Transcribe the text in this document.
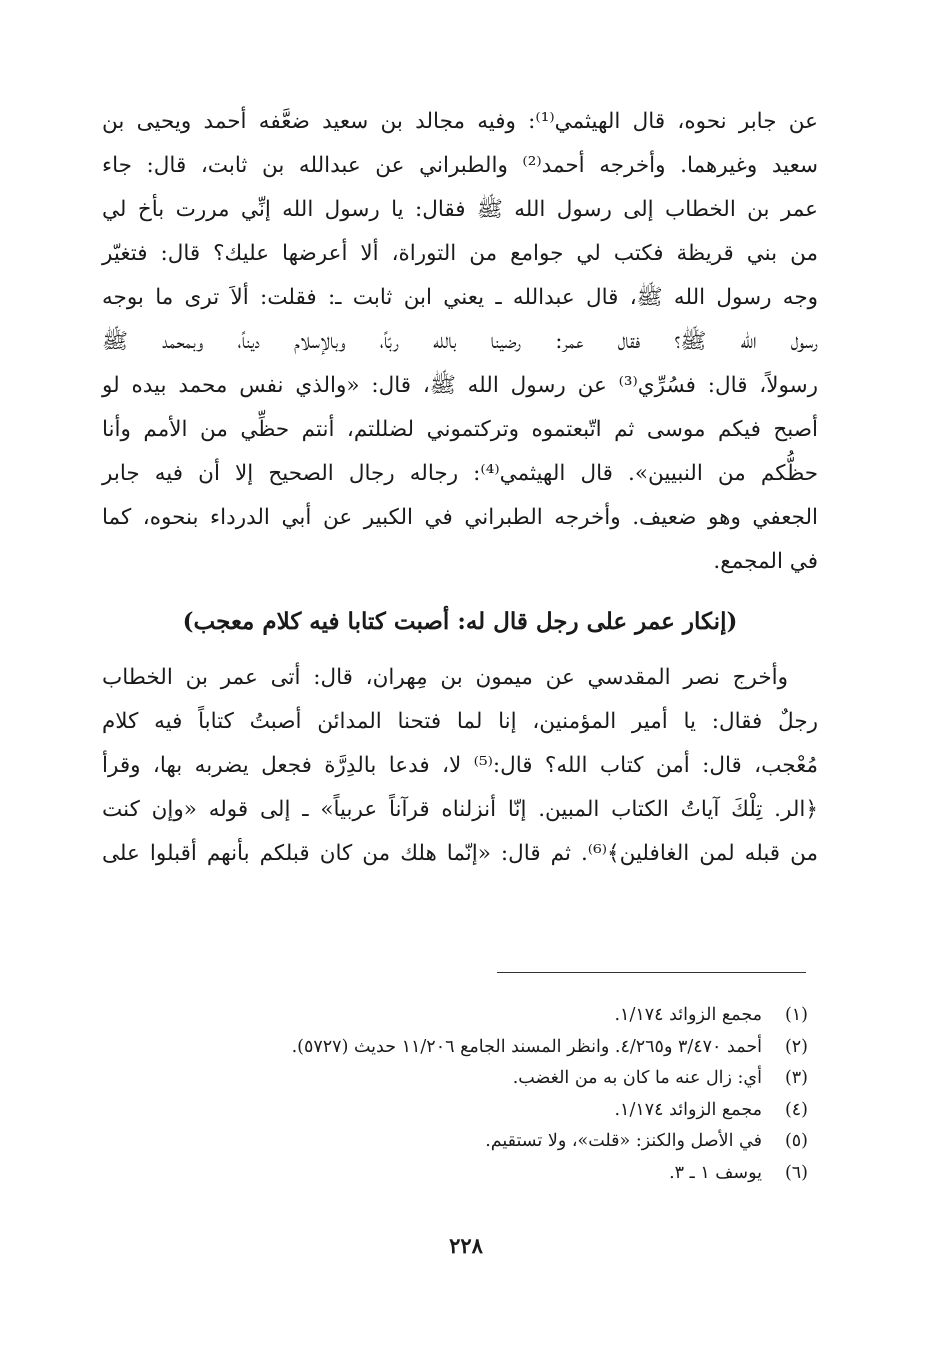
عن جابر نحوه، قال الهيثمي⁽¹⁾: وفيه مجالد بن سعيد ضعَّفه أحمد ويحيى بن
سعيد وغيرهما. وأخرجه أحمد⁽²⁾ والطبراني عن عبدالله بن ثابت، قال: جاء
عمر بن الخطاب إلى رسول الله ﷺ فقال: يا رسول الله إنِّي مررت بأخ لي
من بني قريظة فكتب لي جوامع من التوراة، ألا أعرضها عليك؟ قال: فتغيّر
وجه رسول الله ﷺ، قال عبدالله ـ يعني ابن ثابت ـ: فقلت: ألاَ ترى ما بوجه
رسول الله ﷺ؟ فقال عمر: رضينا بالله ربّاً، وبالإسلام ديناً، وبمحمد ﷺ
رسولاً، قال: فسُرِّي⁽³⁾ عن رسول الله ﷺ، قال: «والذي نفس محمد بيده لو
أصبح فيكم موسى ثم اتّبعتموه وتركتموني لضللتم، أنتم حظِّي من الأمم وأنا
حظُّكم من النبيين». قال الهيثمي⁽⁴⁾: رجاله رجال الصحيح إلا أن فيه جابر
الجعفي وهو ضعيف. وأخرجه الطبراني في الكبير عن أبي الدرداء بنحوه، كما
في المجمع.
(إنكار عمر على رجل قال له: أصبت كتابا فيه كلام معجب)
وأخرج نصر المقدسي عن ميمون بن مِهران، قال: أتى عمر بن الخطاب
رجلٌ فقال: يا أمير المؤمنين، إنا لما فتحنا المدائن أصبتُ كتاباً فيه كلام
مُعْجب، قال: أمن كتاب الله؟ قال:⁽⁵⁾ لا، فدعا بالدِرَّة فجعل يضربه بها، وقرأ
﴿الر. تِلْكَ آياتُ الكتاب المبين. إنّا أنزلناه قرآناً عربياً» ـ إلى قوله «وإن كنت
من قبله لمن الغافلين﴾⁽⁶⁾. ثم قال: «إنّما هلك من كان قبلكم بأنهم أقبلوا على
(١)مجمع الزوائد ١/١٧٤.
(٢)أحمد ٣/٤٧٠ و٤/٢٦٥. وانظر المسند الجامع ١١/٢٠٦ حديث (٥٧٢٧).
(٣)أي: زال عنه ما كان به من الغضب.
(٤)مجمع الزوائد ١/١٧٤.
(٥)في الأصل والكنز: «قلت»، ولا تستقيم.
(٦)يوسف ١ ـ ٣.
٢٢٨
